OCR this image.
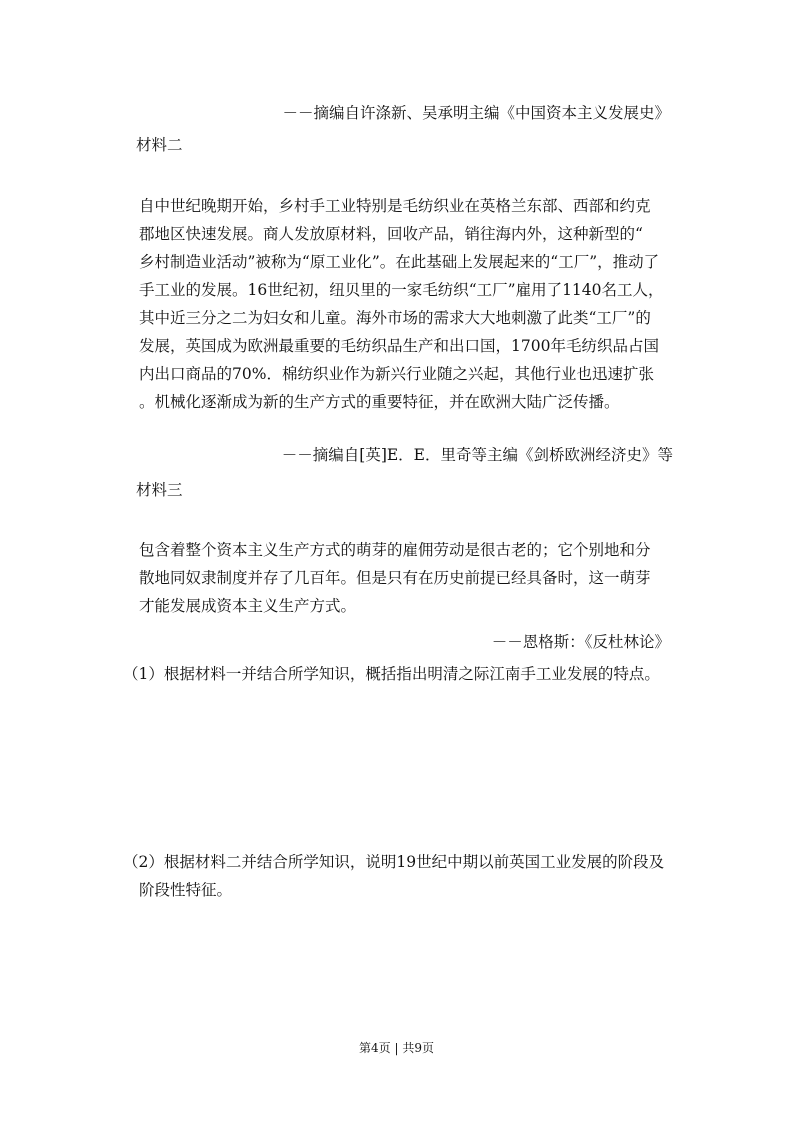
－－摘编自许涤新、吴承明主编《中国资本主义发展史》
材料二
自中世纪晚期开始，乡村手工业特别是毛纺织业在英格兰东部、西部和约克
郡地区快速发展。商人发放原材料，回收产品，销往海内外，这种新型的“
乡村制造业活动”被称为“原工业化”。在此基础上发展起来的“工厂”，推动了
手工业的发展。16世纪初，纽贝里的一家毛纺织“工厂”雇用了1140名工人，
其中近三分之二为妇女和儿童。海外市场的需求大大地刺激了此类“工厂”的
发展，英国成为欧洲最重要的毛纺织品生产和出口国，1700年毛纺织品占国
内出口商品的70%．棉纺织业作为新兴行业随之兴起，其他行业也迅速扩张
。机械化逐渐成为新的生产方式的重要特征，并在欧洲大陆广泛传播。
－－摘编自[英]E．E．里奇等主编《剑桥欧洲经济史》等
材料三
包含着整个资本主义生产方式的萌芽的雇佣劳动是很古老的；它个别地和分
散地同奴隶制度并存了几百年。但是只有在历史前提已经具备时，这一萌芽
才能发展成资本主义生产方式。
－－恩格斯：《反杜林论》
（1）根据材料一并结合所学知识，概括指出明清之际江南手工业发展的特点。
（2）根据材料二并结合所学知识，说明19世纪中期以前英国工业发展的阶段及
阶段性特征。
第4页 | 共9页
